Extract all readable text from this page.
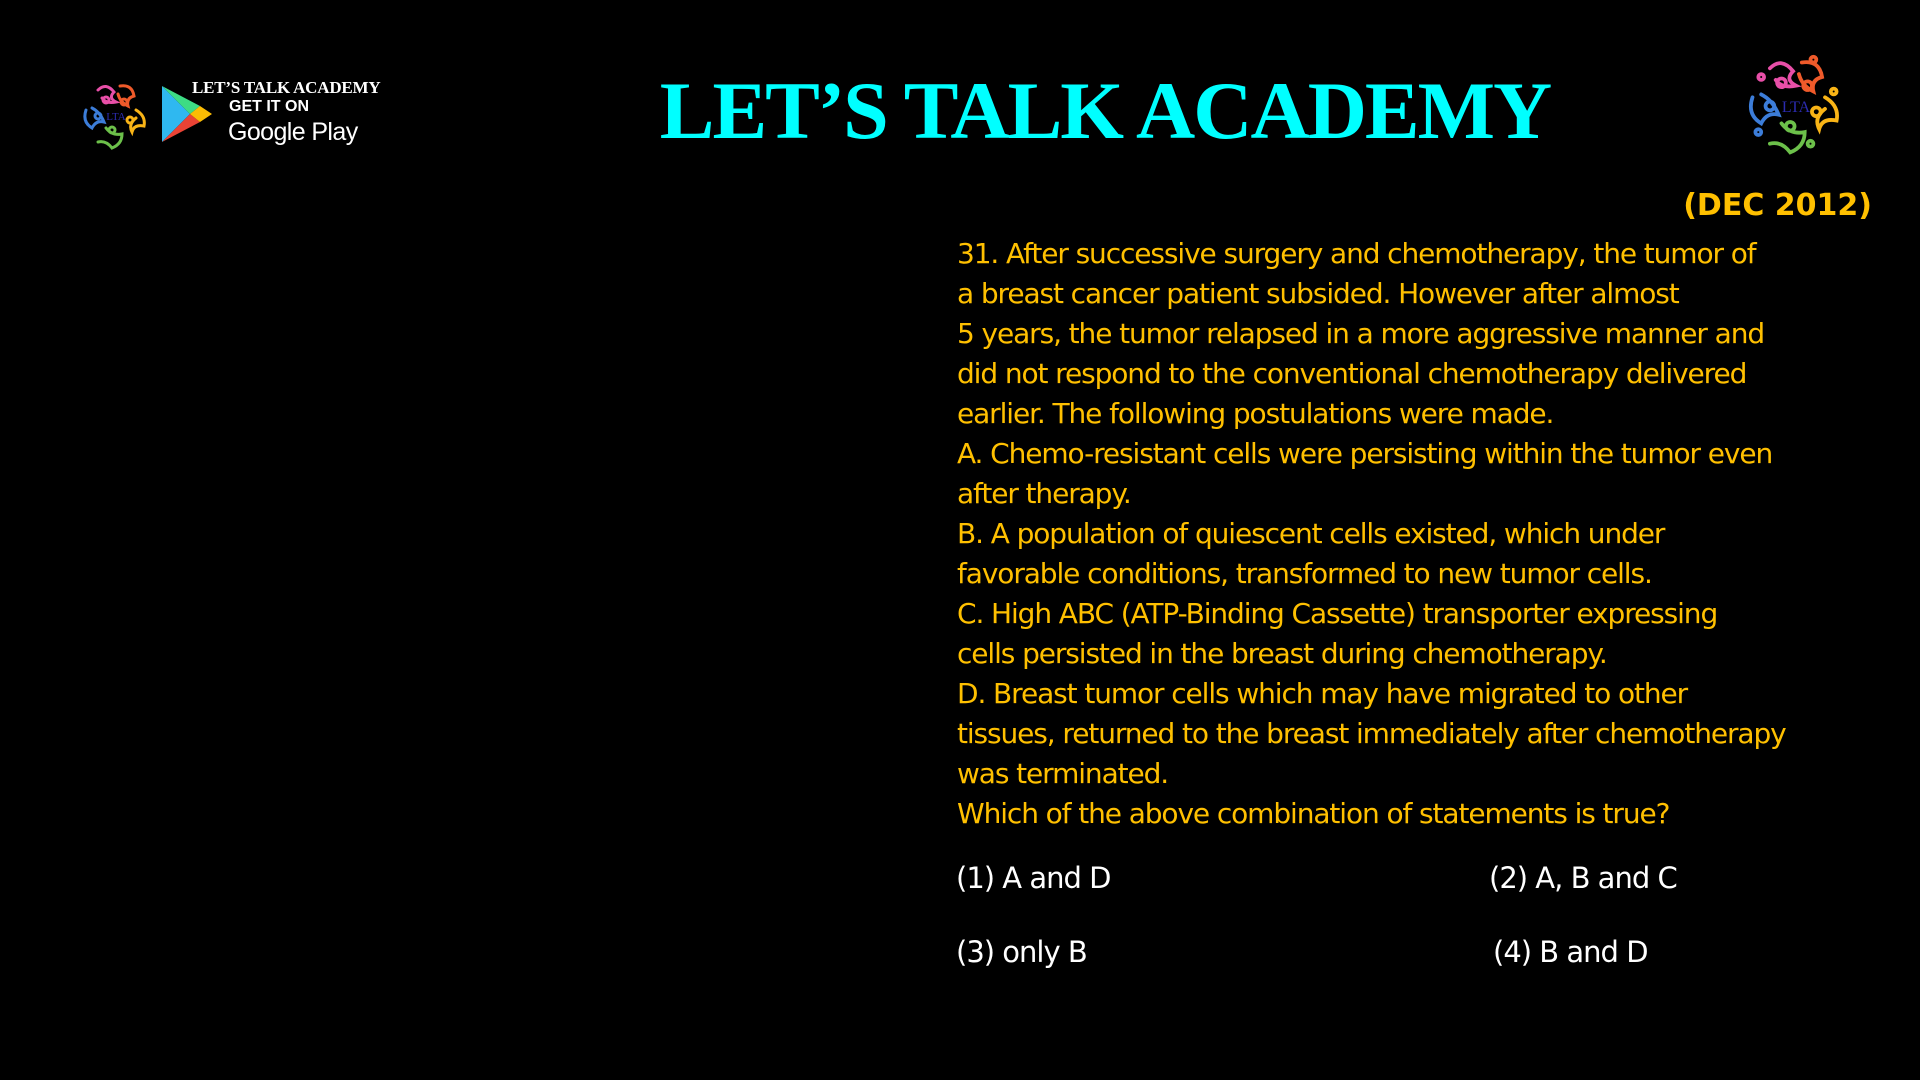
LTA
LET’S TALK ACADEMY
GET IT ON
Google Play	LET’S TALK ACADEMY	LTA
(DEC 2012)
31. After successive surgery and chemotherapy, the tumor of
a breast cancer patient subsided. However after almost
5 years, the tumor relapsed in a more aggressive manner and
did not respond to the conventional chemotherapy delivered
earlier. The following postulations were made.
A. Chemo-resistant cells were persisting within the tumor even
after therapy.
B. A population of quiescent cells existed, which under
favorable conditions, transformed to new tumor cells.
C. High ABC (ATP-Binding Cassette) transporter expressing
cells persisted in the breast during chemotherapy.
D. Breast tumor cells which may have migrated to other
tissues, returned to the breast immediately after chemotherapy
was terminated.
Which of the above combination of statements is true?
(1) A and D	(2) A, B and C
(3) only B	(4) B and D
